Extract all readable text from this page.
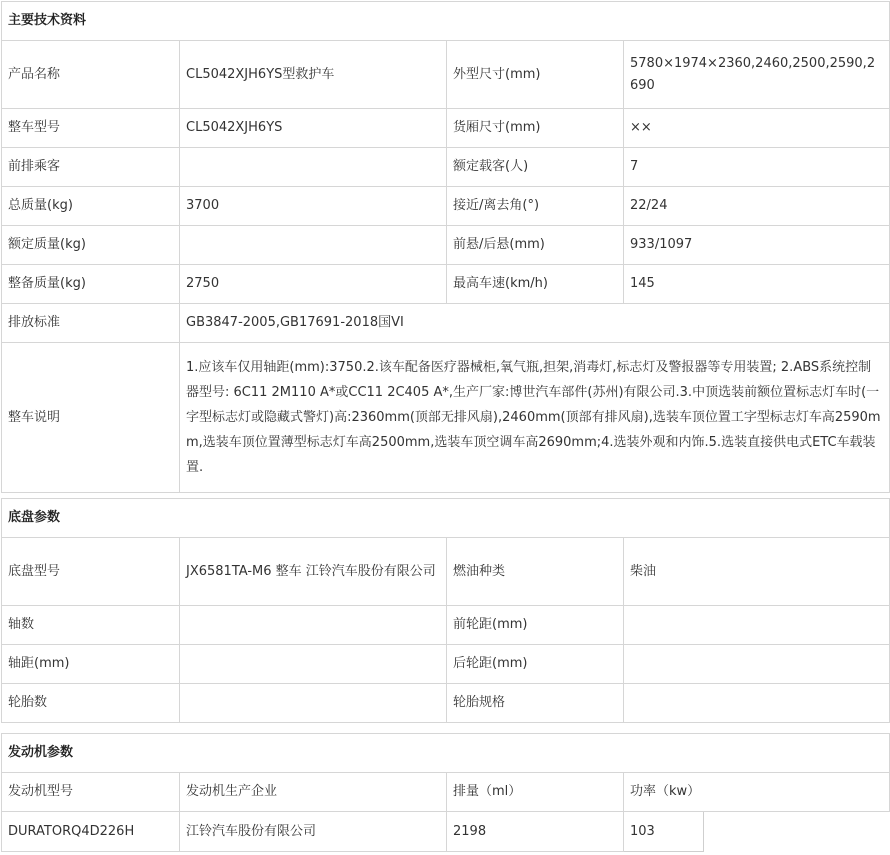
主要技术资料			
产品名称	CL5042XJH6YS型救护车	外型尺寸(mm)	5780×1974×2360,2460,2500,2590,2690
整车型号	CL5042XJH6YS	货厢尺寸(mm)	××
前排乘客		额定载客(人)	7
总质量(kg)	3700	接近/离去角(°)	22/24
额定质量(kg)		前悬/后悬(mm)	933/1097
整备质量(kg)	2750	最高车速(km/h)	145
排放标准	GB3847-2005,GB17691-2018国VI		
整车说明	1.应该车仅用轴距(mm):3750.2.该车配备医疗器械柜,氧气瓶,担架,消毒灯,标志灯及警报器等专用装置; 2.ABS系统控制器型号: 6C11 2M110 A*或CC11 2C405 A*,生产厂家:博世汽车部件(苏州)有限公司.3.中顶选装前额位置标志灯车时(一字型标志灯或隐藏式警灯)高:2360mm(顶部无排风扇),2460mm(顶部有排风扇),选装车顶位置工字型标志灯车高2590mm,选装车顶位置薄型标志灯车高2500mm,选装车顶空调车高2690mm;4.选装外观和内饰.5.选装直接供电式ETC车载装置.		
底盘参数			
底盘型号	JX6581TA-M6 整车 江铃汽车股份有限公司	燃油种类	柴油
轴数		前轮距(mm)	
轴距(mm)		后轮距(mm)	
轮胎数		轮胎规格	
发动机参数				
发动机型号	发动机生产企业	排量（ml）	功率（kw）	
DURATORQ4D226H	江铃汽车股份有限公司	2198	103	
